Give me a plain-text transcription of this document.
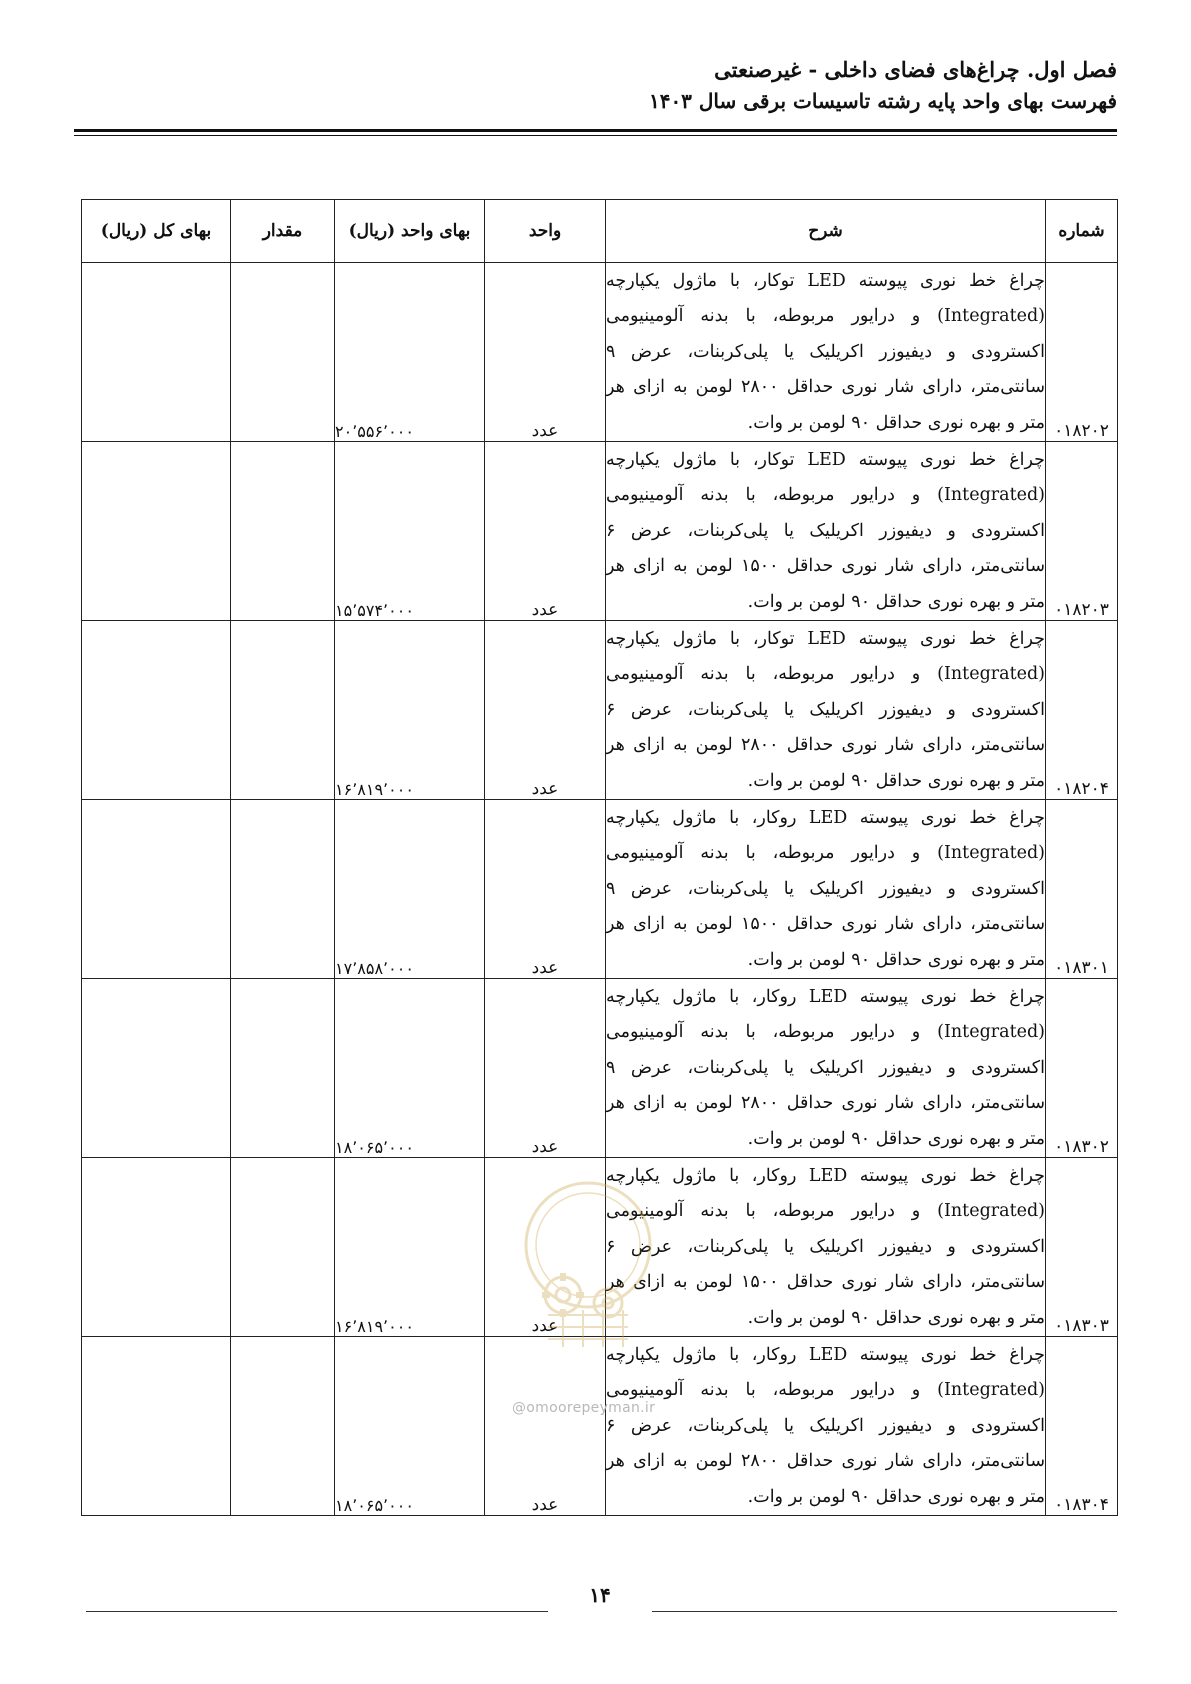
فصل اول. چراغ‌های فضای داخلی - غیرصنعتی
فهرست بهای واحد پایه رشته تاسیسات برقی سال ۱۴۰۳
شماره	شرح	واحد	بهای واحد (ریال)	مقدار	بهای کل (ریال)
۰۱۸۲۰۲	چراغ خط نوری پیوسته LED توکار، با ماژول یکپارچه (Integrated) و درایور مربوطه، با بدنه آلومینیومی اکسترودی و دیفیوزر اکریلیک یا پلی‌کربنات، عرض ۹ سانتی‌متر، دارای شار نوری حداقل ۲۸۰۰ لومن به ازای هر متر و بهره نوری حداقل ۹۰ لومن بر وات.	عدد	۲۰٬۵۵۶٬۰۰۰		
۰۱۸۲۰۳	چراغ خط نوری پیوسته LED توکار، با ماژول یکپارچه (Integrated) و درایور مربوطه، با بدنه آلومینیومی اکسترودی و دیفیوزر اکریلیک یا پلی‌کربنات، عرض ۶ سانتی‌متر، دارای شار نوری حداقل ۱۵۰۰ لومن به ازای هر متر و بهره نوری حداقل ۹۰ لومن بر وات.	عدد	۱۵٬۵۷۴٬۰۰۰		
۰۱۸۲۰۴	چراغ خط نوری پیوسته LED توکار، با ماژول یکپارچه (Integrated) و درایور مربوطه، با بدنه آلومینیومی اکسترودی و دیفیوزر اکریلیک یا پلی‌کربنات، عرض ۶ سانتی‌متر، دارای شار نوری حداقل ۲۸۰۰ لومن به ازای هر متر و بهره نوری حداقل ۹۰ لومن بر وات.	عدد	۱۶٬۸۱۹٬۰۰۰		
۰۱۸۳۰۱	چراغ خط نوری پیوسته LED روکار، با ماژول یکپارچه (Integrated) و درایور مربوطه، با بدنه آلومینیومی اکسترودی و دیفیوزر اکریلیک یا پلی‌کربنات، عرض ۹ سانتی‌متر، دارای شار نوری حداقل ۱۵۰۰ لومن به ازای هر متر و بهره نوری حداقل ۹۰ لومن بر وات.	عدد	۱۷٬۸۵۸٬۰۰۰		
۰۱۸۳۰۲	چراغ خط نوری پیوسته LED روکار، با ماژول یکپارچه (Integrated) و درایور مربوطه، با بدنه آلومینیومی اکسترودی و دیفیوزر اکریلیک یا پلی‌کربنات، عرض ۹ سانتی‌متر، دارای شار نوری حداقل ۲۸۰۰ لومن به ازای هر متر و بهره نوری حداقل ۹۰ لومن بر وات.	عدد	۱۸٬۰۶۵٬۰۰۰		
۰۱۸۳۰۳	چراغ خط نوری پیوسته LED روکار، با ماژول یکپارچه (Integrated) و درایور مربوطه، با بدنه آلومینیومی اکسترودی و دیفیوزر اکریلیک یا پلی‌کربنات، عرض ۶ سانتی‌متر، دارای شار نوری حداقل ۱۵۰۰ لومن به ازای هر متر و بهره نوری حداقل ۹۰ لومن بر وات.	عدد	۱۶٬۸۱۹٬۰۰۰		
۰۱۸۳۰۴	چراغ خط نوری پیوسته LED روکار، با ماژول یکپارچه (Integrated) و درایور مربوطه، با بدنه آلومینیومی اکسترودی و دیفیوزر اکریلیک یا پلی‌کربنات، عرض ۶ سانتی‌متر، دارای شار نوری حداقل ۲۸۰۰ لومن به ازای هر متر و بهره نوری حداقل ۹۰ لومن بر وات.	عدد	۱۸٬۰۶۵٬۰۰۰		
@omoorepeyman.ir
۱۴
